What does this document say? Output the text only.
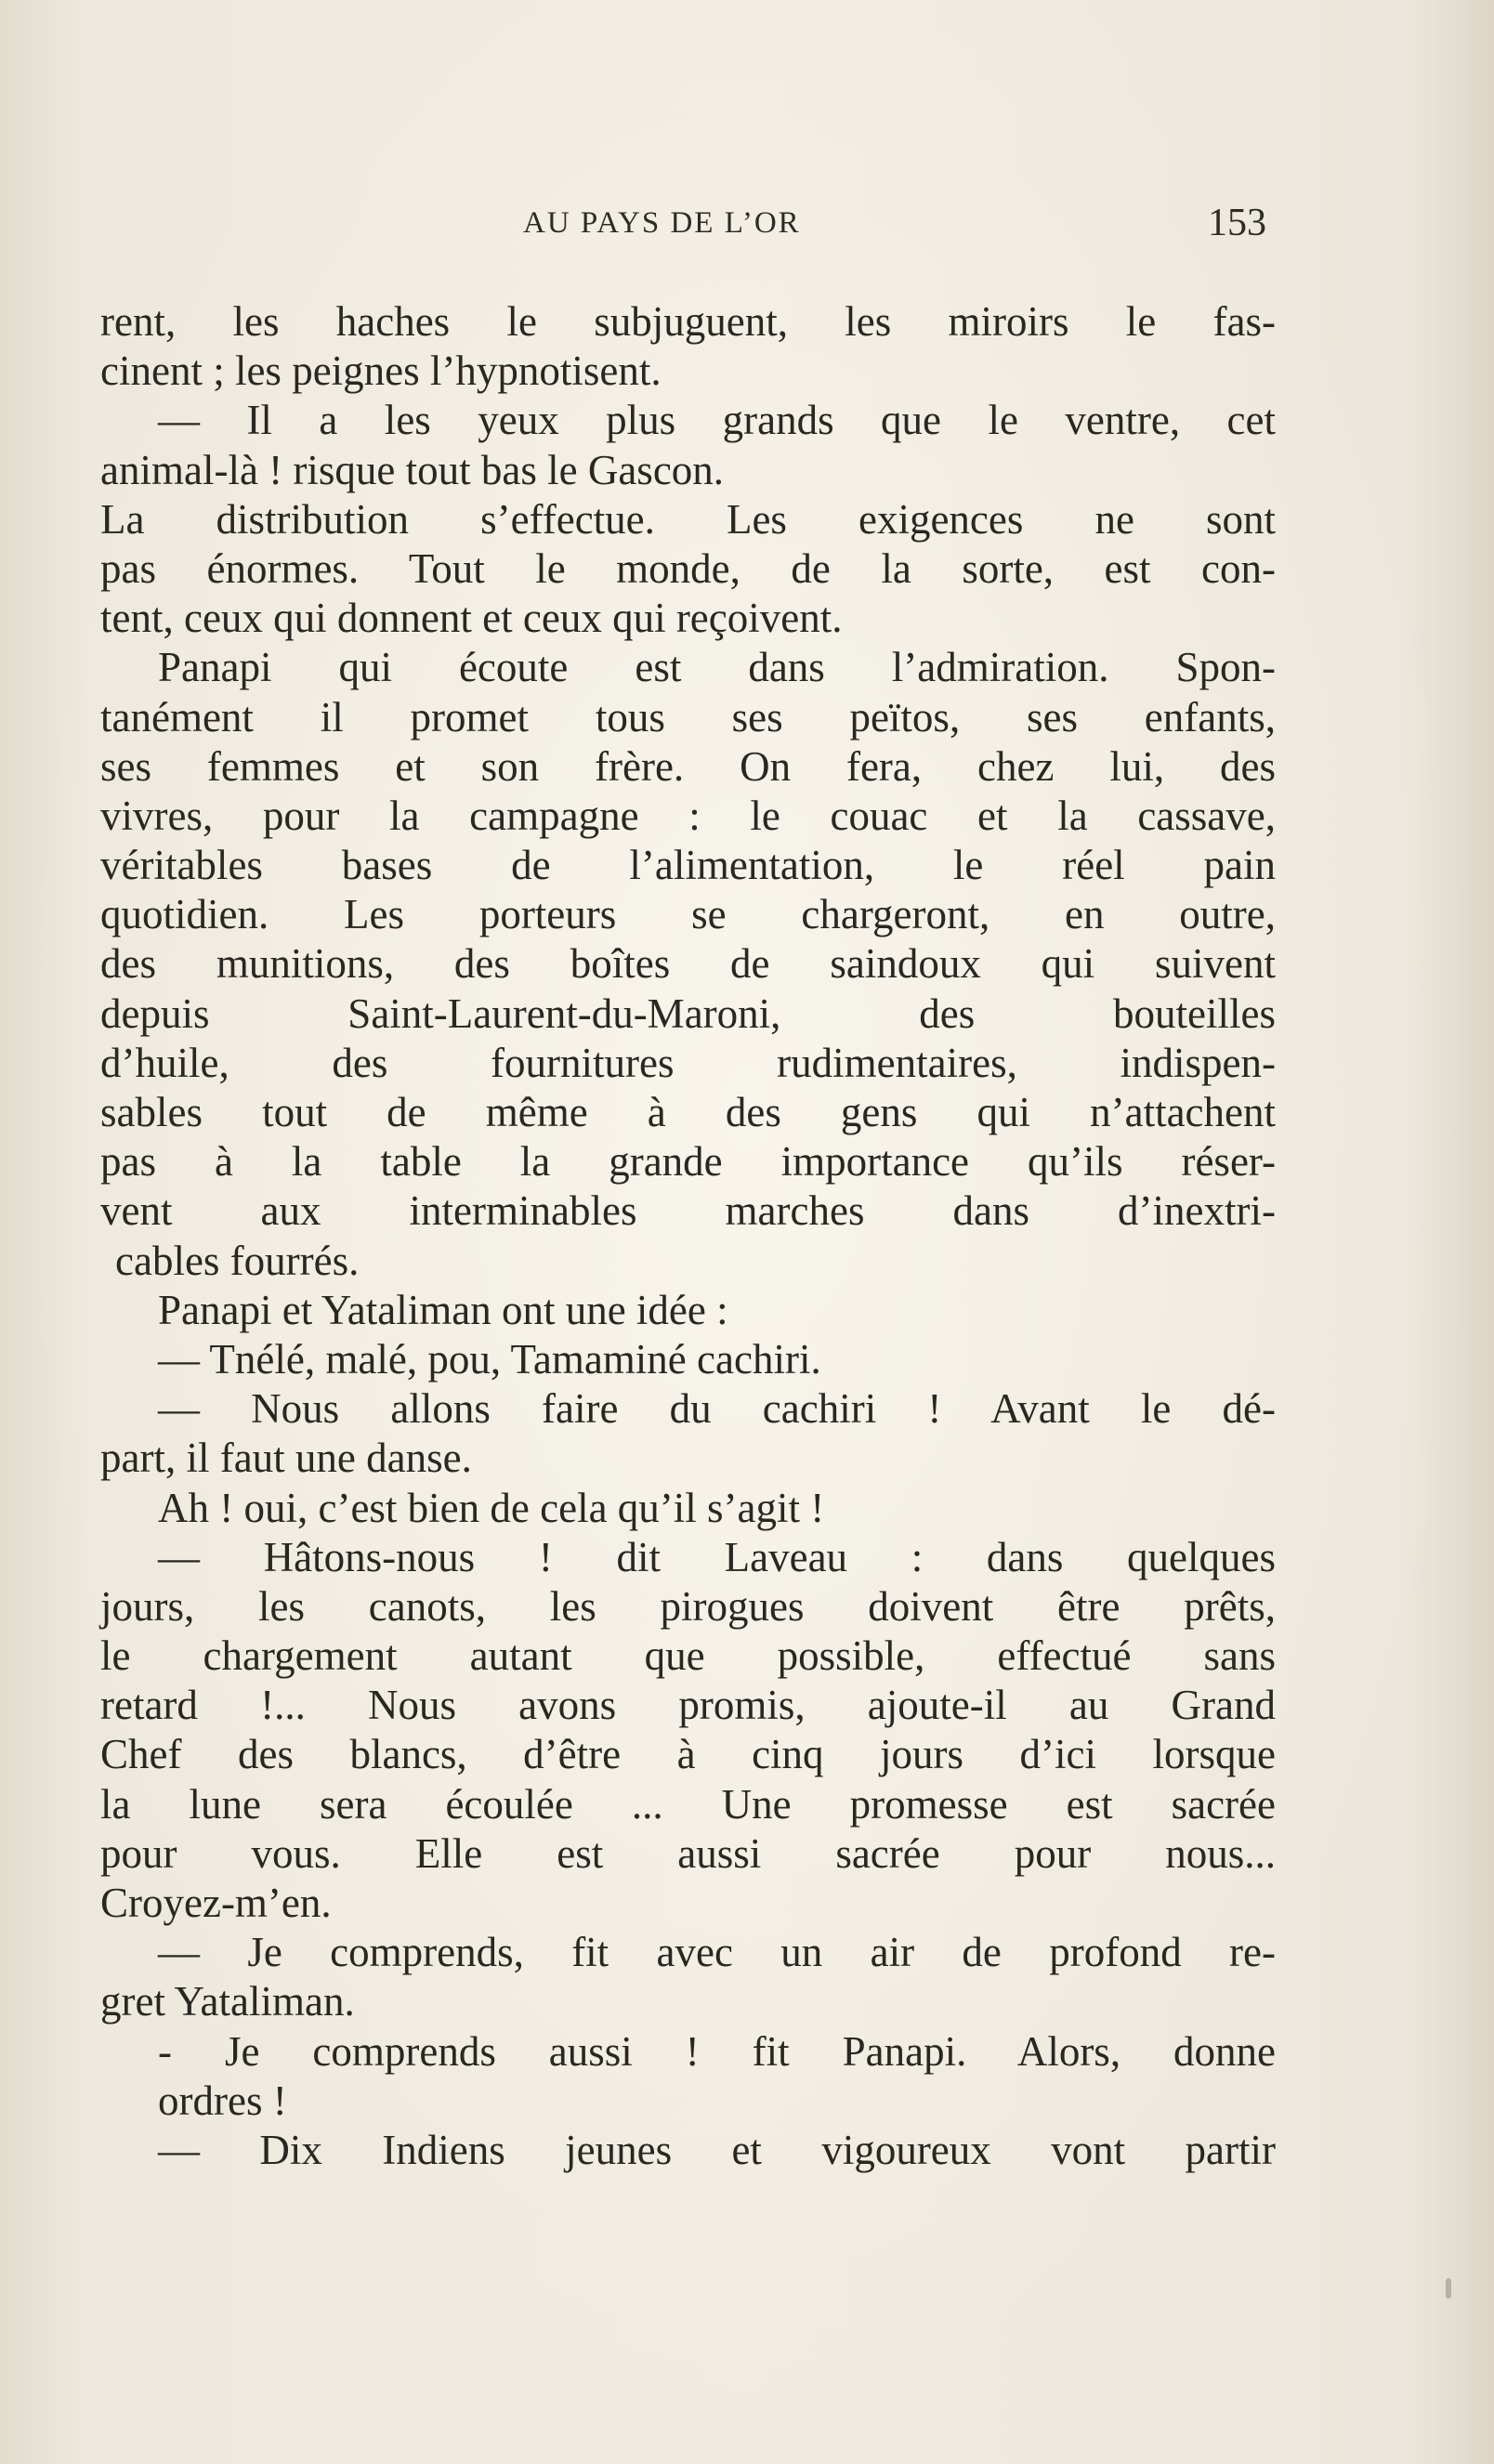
AU PAYS DE L’OR	153
rent, les haches le subjuguent, les miroirs le fas-
cinent ; les peignes l’hypnotisent.
— Il a les yeux plus grands que le ventre, cet
animal-là ! risque tout bas le Gascon.
La distribution s’effectue. Les exigences ne sont
pas énormes. Tout le monde, de la sorte, est con-
tent, ceux qui donnent et ceux qui reçoivent.
Panapi qui écoute est dans l’admiration. Spon-
tanément il promet tous ses peïtos, ses enfants,
ses femmes et son frère. On fera, chez lui, des
vivres, pour la campagne : le couac et la cassave,
véritables bases de l’alimentation, le réel pain
quotidien. Les porteurs se chargeront, en outre,
des munitions, des boîtes de saindoux qui suivent
depuis Saint-Laurent-du-Maroni, des bouteilles
d’huile, des fournitures rudimentaires, indispen-
sables tout de même à des gens qui n’attachent
pas à la table la grande importance qu’ils réser-
vent aux interminables marches dans d’inextri-
cables fourrés.
Panapi et Yataliman ont une idée :
— Tnélé, malé, pou, Tamaminé cachiri.
— Nous allons faire du cachiri ! Avant le dé-
part, il faut une danse.
Ah ! oui, c’est bien de cela qu’il s’agit !
— Hâtons-nous ! dit Laveau : dans quelques
jours, les canots, les pirogues doivent être prêts,
le chargement autant que possible, effectué sans
retard !... Nous avons promis, ajoute-il au Grand
Chef des blancs, d’être à cinq jours d’ici lorsque
la lune sera écoulée ... Une promesse est sacrée
pour vous. Elle est aussi sacrée pour nous...
Croyez-m’en.
— Je comprends, fit avec un air de profond re-
gret Yataliman.
- Je comprends aussi ! fit Panapi. Alors, donne
ordres !
— Dix Indiens jeunes et vigoureux vont partir
